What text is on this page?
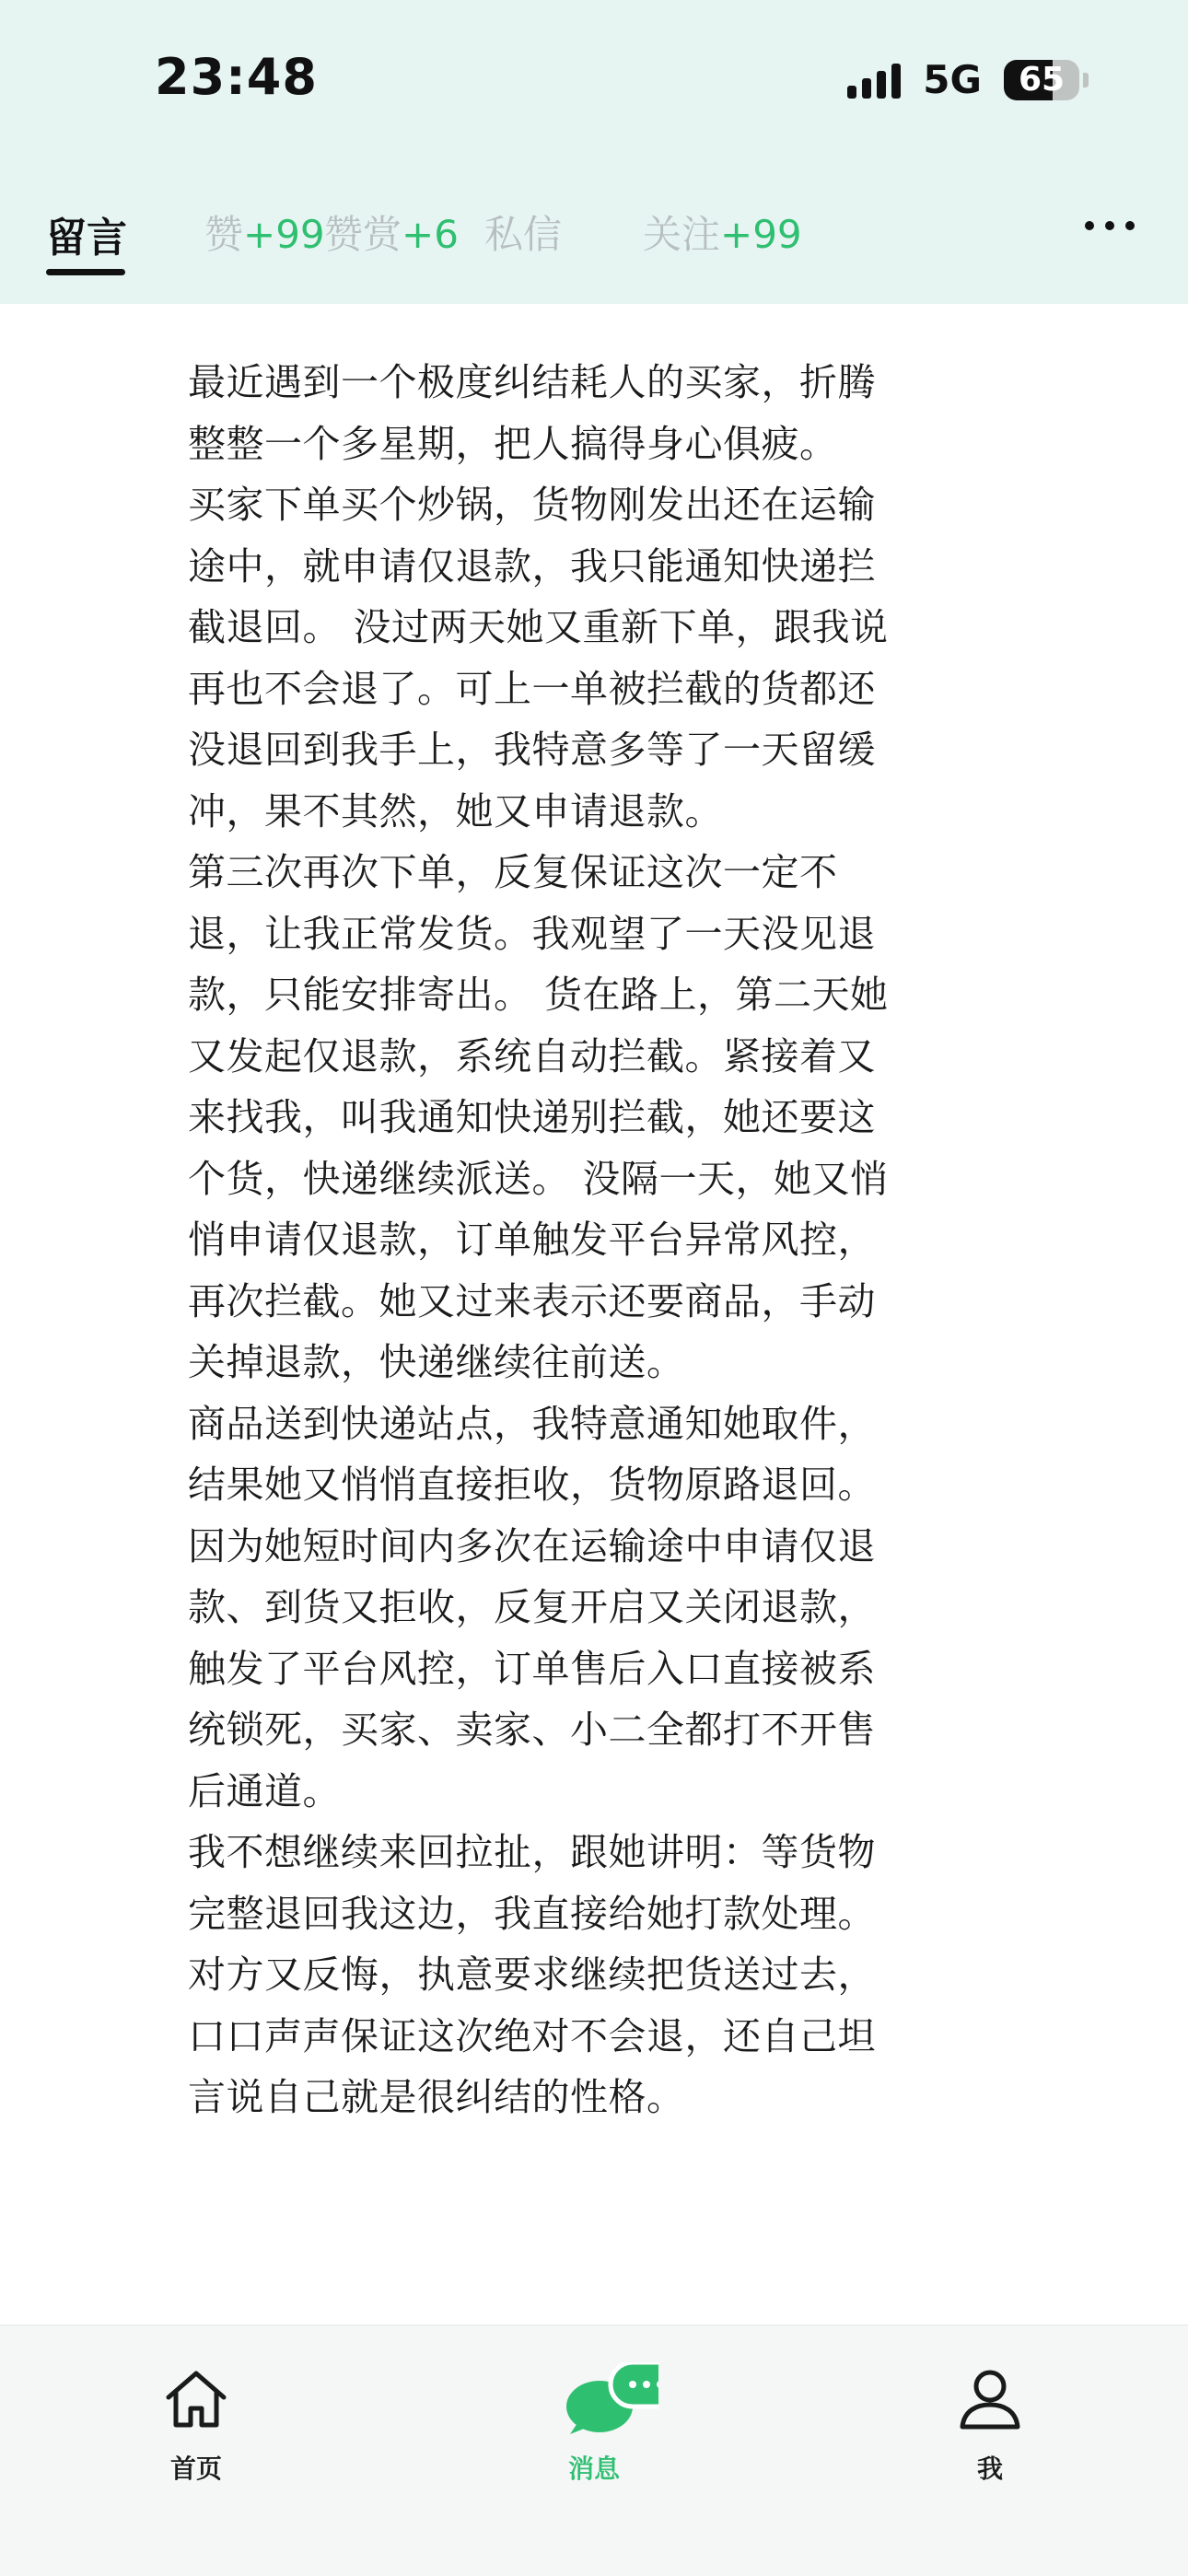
23:48	5G 65
留言 赞+99 赞赏+6 私信 关注+99

最近遇到一个极度纠结耗人的买家，折腾整整一个多星期，把人搞得身心俱疲。

买家下单买个炒锅，货物刚发出还在运输途中，就申请仅退款，我只能通知快递拦截退回。 没过两天她又重新下单，跟我说再也不会退了。可上一单被拦截的货都还没退回到我手上，我特意多等了一天留缓冲，果不其然，她又申请退款。

第三次再次下单，反复保证这次一定不退，让我正常发货。我观望了一天没见退款，只能安排寄出。 货在路上，第二天她又发起仅退款，系统自动拦截。紧接着又来找我，叫我通知快递别拦截，她还要这个货，快递继续派送。 没隔一天，她又悄悄申请仅退款，订单触发平台异常风控，再次拦截。她又过来表示还要商品，手动关掉退款，快递继续往前送。

商品送到快递站点，我特意通知她取件，结果她又悄悄直接拒收，货物原路退回。因为她短时间内多次在运输途中申请仅退款、到货又拒收，反复开启又关闭退款，触发了平台风控，订单售后入口直接被系统锁死，买家、卖家、小二全都打不开售后通道。

我不想继续来回拉扯，跟她讲明：等货物完整退回我这边，我直接给她打款处理。 对方又反悔，执意要求继续把货送过去，口口声声保证这次绝对不会退，还自己坦言说自己就是很纠结的性格。

首页	消息	我
